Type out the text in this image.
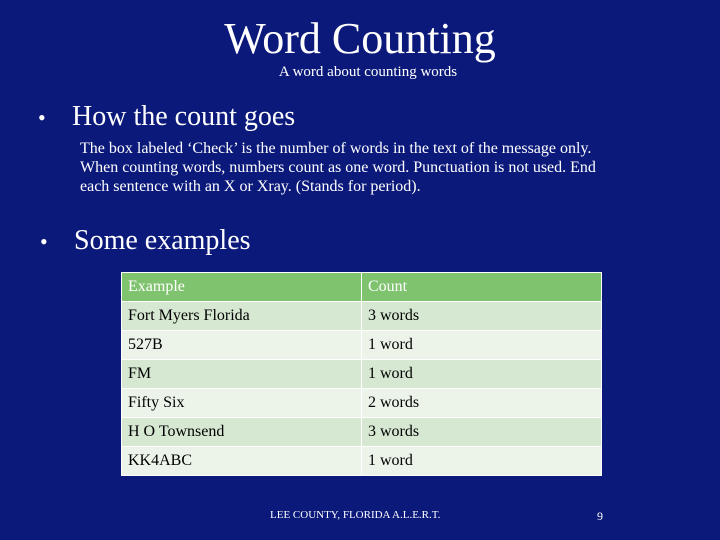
Word Counting
A word about counting words
• How the count goes
The box labeled ‘Check’ is the number of words in the text of the message only. When counting words, numbers count as one word. Punctuation is not used. End each sentence with an X or Xray. (Stands for period).
• Some examples
Example	Count
Fort Myers Florida	3 words
527B	1 word
FM	1 word
Fifty Six	2 words
H O Townsend	3 words
KK4ABC	1 word
LEE COUNTY, FLORIDA A.L.E.R.T.	9
